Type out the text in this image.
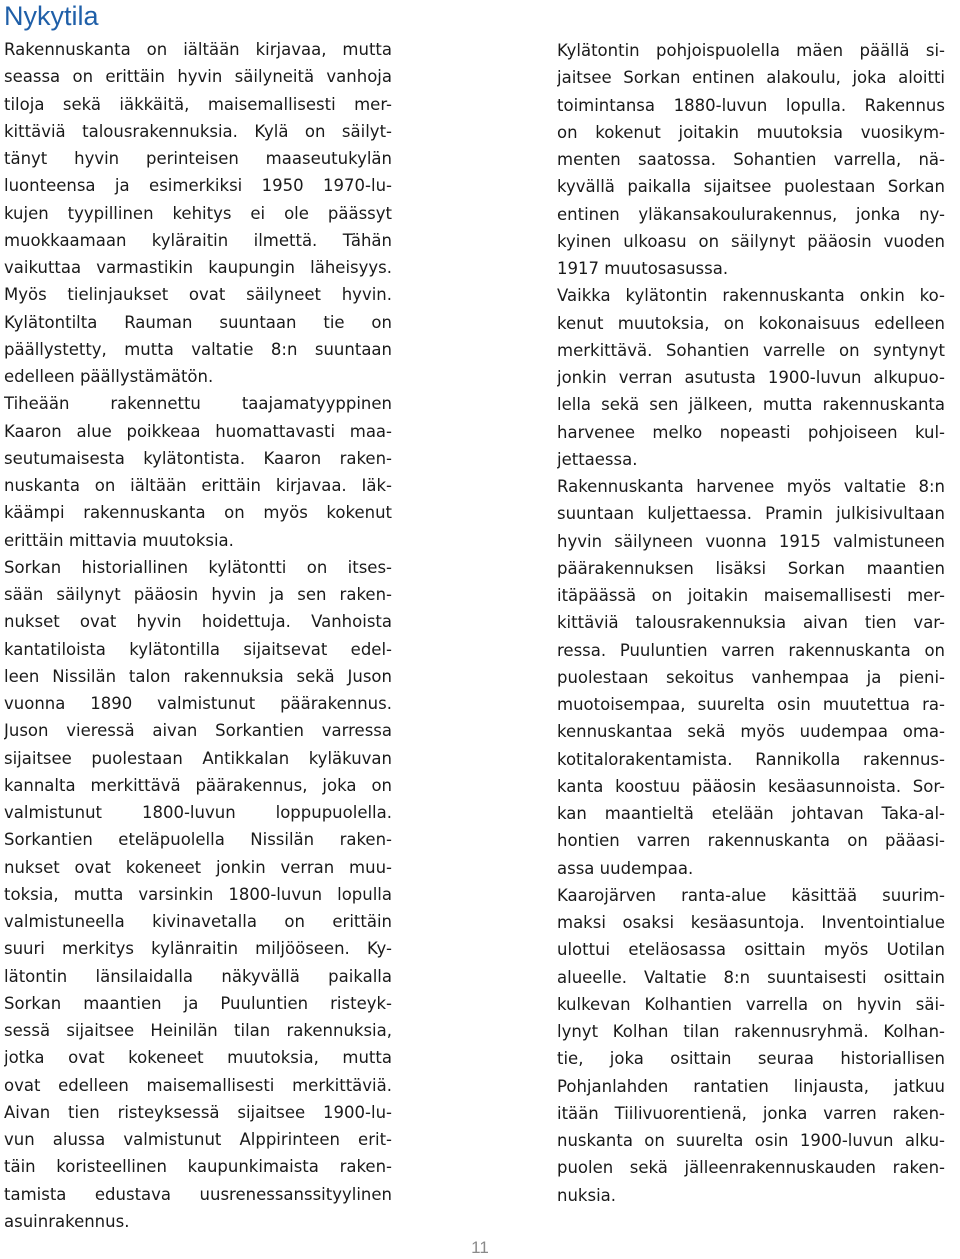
Nykytila

Rakennuskanta on iältään kirjavaa, mutta
seassa on erittäin hyvin säilyneitä vanhoja
tiloja sekä iäkkäitä, maisemallisesti mer-
kittäviä talousrakennuksia. Kylä on säilyt-
tänyt hyvin perinteisen maaseutukylän
luonteensa ja esimerkiksi 1950 1970-lu-
kujen tyypillinen kehitys ei ole päässyt
muokkaamaan kyläraitin ilmettä. Tähän
vaikuttaa varmastikin kaupungin läheisyys.
Myös tielinjaukset ovat säilyneet hyvin.
Kylätontilta Rauman suuntaan tie on
päällystetty, mutta valtatie 8:n suuntaan
edelleen päällystämätön.

Tiheään rakennettu taajamatyyppinen
Kaaron alue poikkeaa huomattavasti maa-
seutumaisesta kylätontista. Kaaron raken-
nuskanta on iältään erittäin kirjavaa. Iäk-
käämpi rakennuskanta on myös kokenut
erittäin mittavia muutoksia.

Sorkan historiallinen kylätontti on itses-
sään säilynyt pääosin hyvin ja sen raken-
nukset ovat hyvin hoidettuja. Vanhoista
kantatiloista kylätontilla sijaitsevat edel-
leen Nissilän talon rakennuksia sekä Juson
vuonna 1890 valmistunut päärakennus.
Juson vieressä aivan Sorkantien varressa
sijaitsee puolestaan Antikkalan kyläkuvan
kannalta merkittävä päärakennus, joka on
valmistunut 1800-luvun loppupuolella.
Sorkantien eteläpuolella Nissilän raken-
nukset ovat kokeneet jonkin verran muu-
toksia, mutta varsinkin 1800-luvun lopulla
valmistuneella kivinavetalla on erittäin
suuri merkitys kylänraitin miljööseen. Ky-
lätontin länsilaidalla näkyvällä paikalla
Sorkan maantien ja Puuluntien risteyk-
sessä sijaitsee Heinilän tilan rakennuksia,
jotka ovat kokeneet muutoksia, mutta
ovat edelleen maisemallisesti merkittäviä.
Aivan tien risteyksessä sijaitsee 1900-lu-
vun alussa valmistunut Alppirinteen erit-
täin koristeellinen kaupunkimaista raken-
tamista edustava uusrenessanssityylinen
asuinrakennus.

Kylätontin pohjoispuolella mäen päällä si-
jaitsee Sorkan entinen alakoulu, joka aloitti
toimintansa 1880-luvun lopulla. Rakennus
on kokenut joitakin muutoksia vuosikym-
menten saatossa. Sohantien varrella, nä-
kyvällä paikalla sijaitsee puolestaan Sorkan
entinen yläkansakoulurakennus, jonka ny-
kyinen ulkoasu on säilynyt pääosin vuoden
1917 muutosasussa.

Vaikka kylätontin rakennuskanta onkin ko-
kenut muutoksia, on kokonaisuus edelleen
merkittävä. Sohantien varrelle on syntynyt
jonkin verran asutusta 1900-luvun alkupuo-
lella sekä sen jälkeen, mutta rakennuskanta
harvenee melko nopeasti pohjoiseen kul-
jettaessa.

Rakennuskanta harvenee myös valtatie 8:n
suuntaan kuljettaessa. Pramin julkisivultaan
hyvin säilyneen vuonna 1915 valmistuneen
päärakennuksen lisäksi Sorkan maantien
itäpäässä on joitakin maisemallisesti mer-
kittäviä talousrakennuksia aivan tien var-
ressa. Puuluntien varren rakennuskanta on
puolestaan sekoitus vanhempaa ja pieni-
muotoisempaa, suurelta osin muutettua ra-
kennuskantaa sekä myös uudempaa oma-
kotitalorakentamista. Rannikolla rakennus-
kanta koostuu pääosin kesäasunnoista. Sor-
kan maantieltä etelään johtavan Taka-al-
hontien varren rakennuskanta on pääasi-
assa uudempaa.

Kaarojärven ranta-alue käsittää suurim-
maksi osaksi kesäasuntoja. Inventointialue
ulottui eteläosassa osittain myös Uotilan
alueelle. Valtatie 8:n suuntaisesti osittain
kulkevan Kolhantien varrella on hyvin säi-
lynyt Kolhan tilan rakennusryhmä. Kolhan-
tie, joka osittain seuraa historiallisen
Pohjanlahden rantatien linjausta, jatkuu
itään Tiilivuorentienä, jonka varren raken-
nuskanta on suurelta osin 1900-luvun alku-
puolen sekä jälleenrakennuskauden raken-
nuksia.

11
